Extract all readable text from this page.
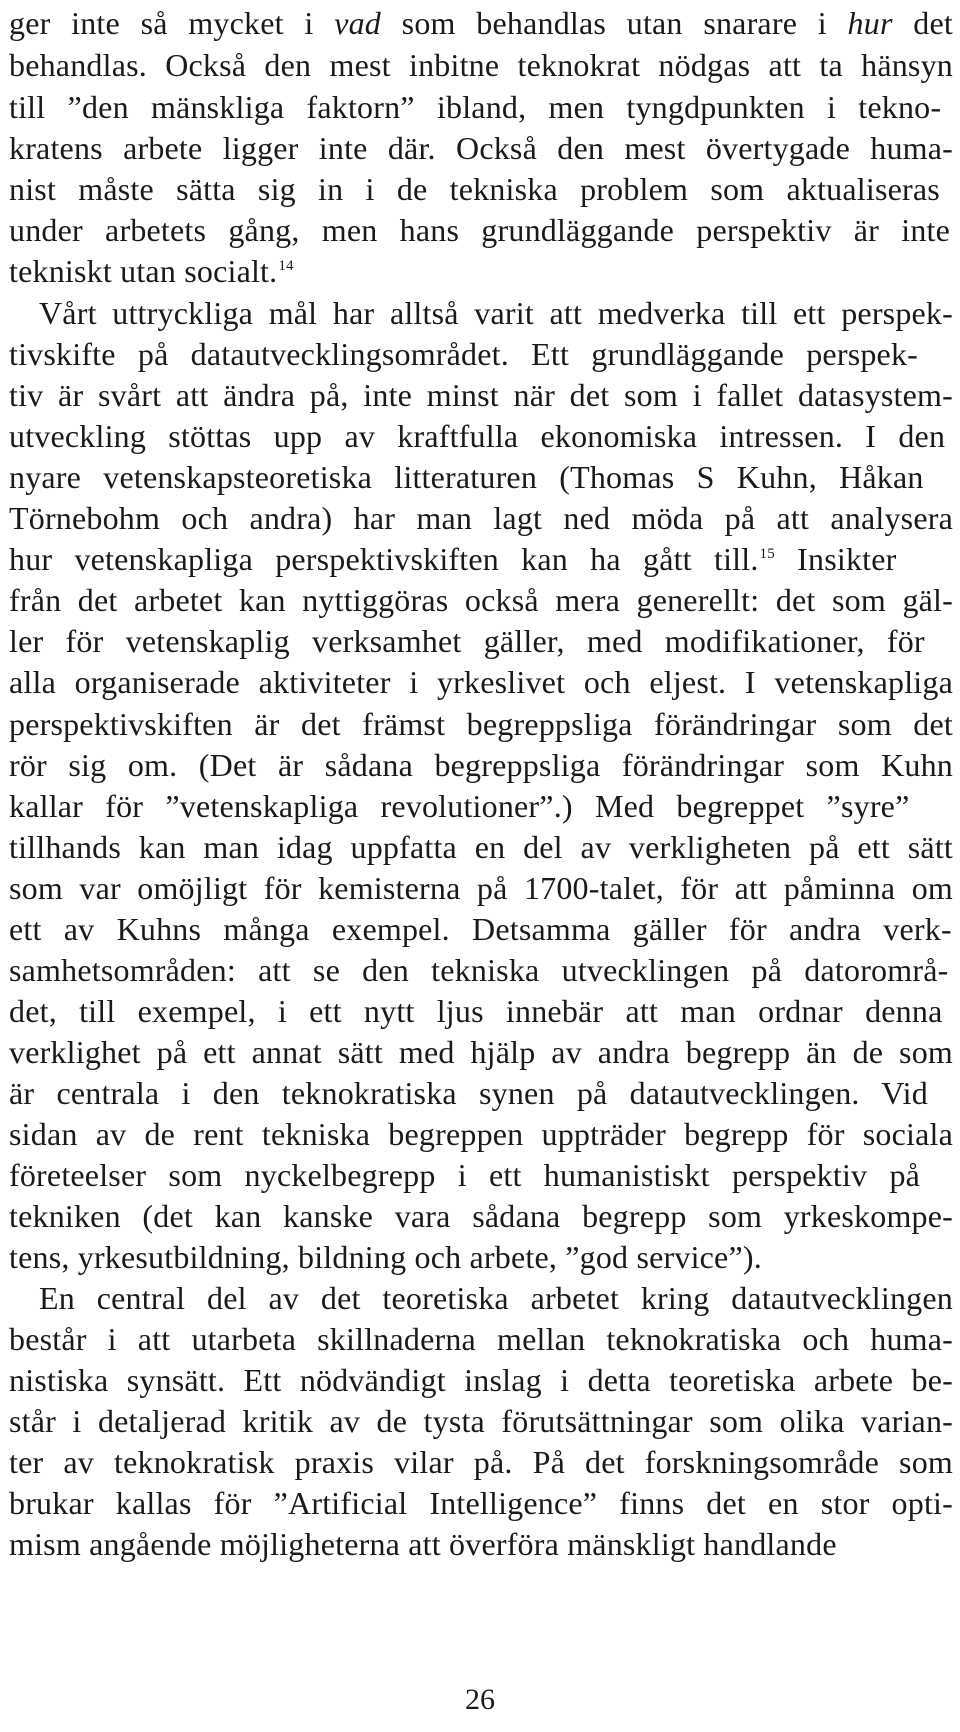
ger inte så mycket i vad som behandlas utan snarare i hur det
behandlas. Också den mest inbitne teknokrat nödgas att ta hänsyn
till ”den mänskliga faktorn” ibland, men tyngdpunkten i tekno-
kratens arbete ligger inte där. Också den mest övertygade huma-
nist måste sätta sig in i de tekniska problem som aktualiseras
under arbetets gång, men hans grundläggande perspektiv är inte
tekniskt utan socialt.$^{14}$
Vårt uttryckliga mål har alltså varit att medverka till ett perspek-
tivskifte på datautvecklingsområdet. Ett grundläggande perspek-
tiv är svårt att ändra på, inte minst när det som i fallet datasystem-
utveckling stöttas upp av kraftfulla ekonomiska intressen. I den
nyare vetenskapsteoretiska litteraturen (Thomas S Kuhn, Håkan
Törnebohm och andra) har man lagt ned möda på att analysera
hur vetenskapliga perspektivskiften kan ha gått till.$^{15}$ Insikter
från det arbetet kan nyttiggöras också mera generellt: det som gäl-
ler för vetenskaplig verksamhet gäller, med modifikationer, för
alla organiserade aktiviteter i yrkeslivet och eljest. I vetenskapliga
perspektivskiften är det främst begreppsliga förändringar som det
rör sig om. (Det är sådana begreppsliga förändringar som Kuhn
kallar för ”vetenskapliga revolutioner”.) Med begreppet ”syre”
tillhands kan man idag uppfatta en del av verkligheten på ett sätt
som var omöjligt för kemisterna på 1700-talet, för att påminna om
ett av Kuhns många exempel. Detsamma gäller för andra verk-
samhetsområden: att se den tekniska utvecklingen på datorområ-
det, till exempel, i ett nytt ljus innebär att man ordnar denna
verklighet på ett annat sätt med hjälp av andra begrepp än de som
är centrala i den teknokratiska synen på datautvecklingen. Vid
sidan av de rent tekniska begreppen uppträder begrepp för sociala
företeelser som nyckelbegrepp i ett humanistiskt perspektiv på
tekniken (det kan kanske vara sådana begrepp som yrkeskompe-
tens, yrkesutbildning, bildning och arbete, ”god service”).
En central del av det teoretiska arbetet kring datautvecklingen
består i att utarbeta skillnaderna mellan teknokratiska och huma-
nistiska synsätt. Ett nödvändigt inslag i detta teoretiska arbete be-
står i detaljerad kritik av de tysta förutsättningar som olika varian-
ter av teknokratisk praxis vilar på. På det forskningsområde som
brukar kallas för ”Artificial Intelligence” finns det en stor opti-
mism angående möjligheterna att överföra mänskligt handlande
26
